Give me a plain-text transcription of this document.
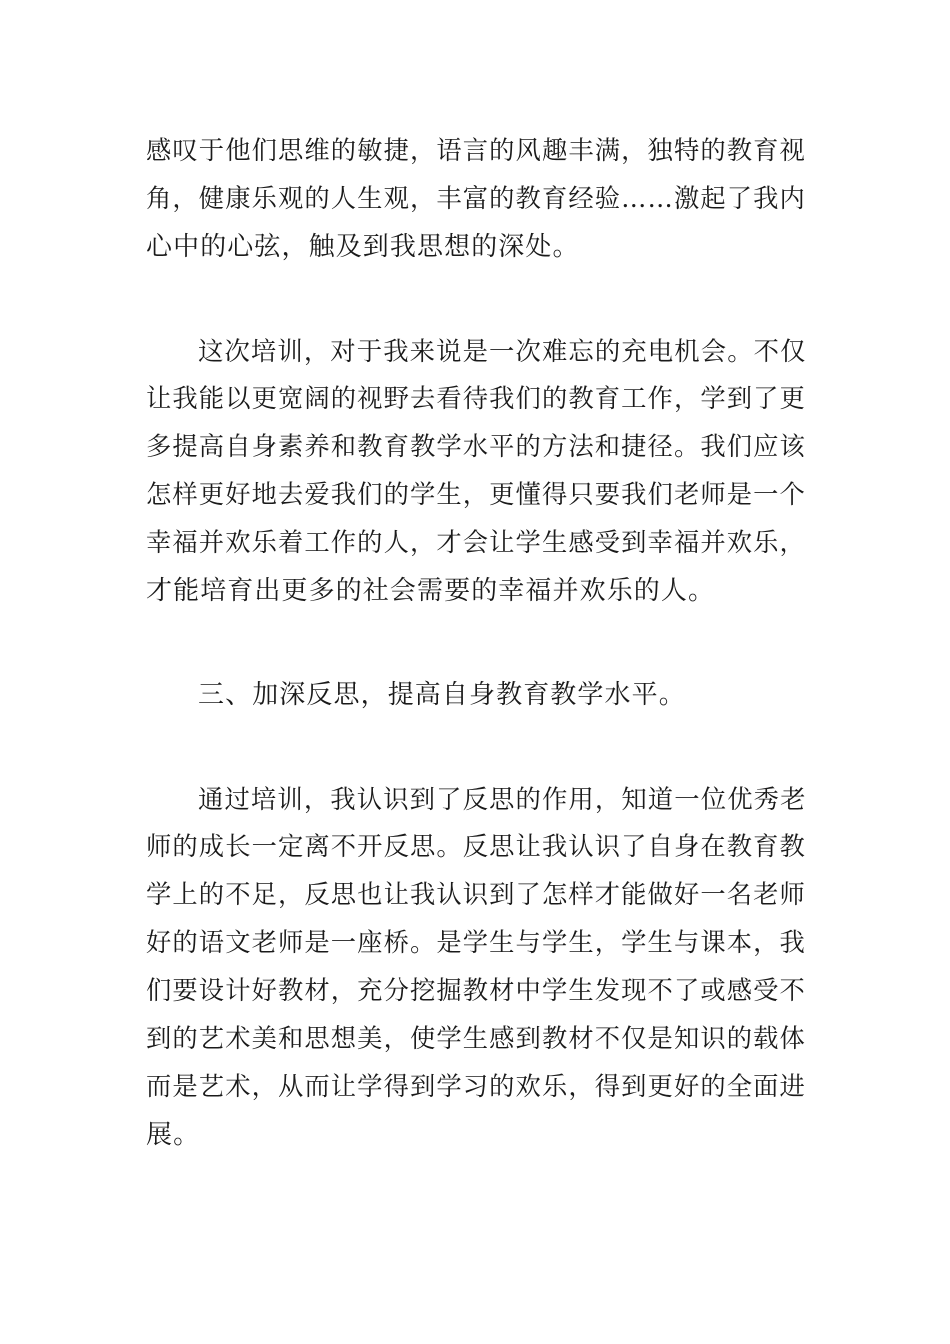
感叹于他们思维的敏捷，语言的风趣丰满，独特的教育视
角，健康乐观的人生观，丰富的教育经验……激起了我内
心中的心弦，触及到我思想的深处。
这次培训，对于我来说是一次难忘的充电机会。不仅
让我能以更宽阔的视野去看待我们的教育工作，学到了更
多提高自身素养和教育教学水平的方法和捷径。我们应该
怎样更好地去爱我们的学生，更懂得只要我们老师是一个
幸福并欢乐着工作的人，才会让学生感受到幸福并欢乐，
才能培育出更多的社会需要的幸福并欢乐的人。
三、加深反思，提高自身教育教学水平。
通过培训，我认识到了反思的作用，知道一位优秀老
师的成长一定离不开反思。反思让我认识了自身在教育教
学上的不足，反思也让我认识到了怎样才能做好一名老师
好的语文老师是一座桥。是学生与学生，学生与课本，我
们要设计好教材，充分挖掘教材中学生发现不了或感受不
到的艺术美和思想美，使学生感到教材不仅是知识的载体
而是艺术，从而让学得到学习的欢乐，得到更好的全面进
展。
